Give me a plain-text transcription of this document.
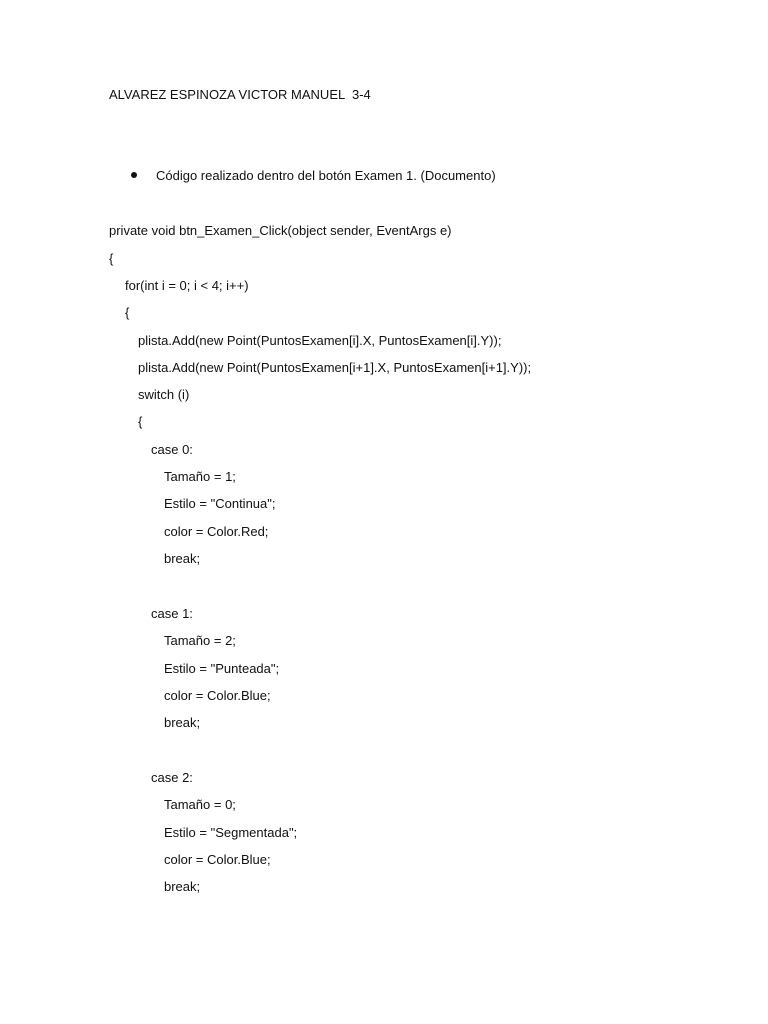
ALVAREZ ESPINOZA VICTOR MANUEL  3-4
Código realizado dentro del botón Examen 1. (Documento)
private void btn_Examen_Click(object sender, EventArgs e)
{
for(int i = 0; i < 4; i++)
{
plista.Add(new Point(PuntosExamen[i].X, PuntosExamen[i].Y));
plista.Add(new Point(PuntosExamen[i+1].X, PuntosExamen[i+1].Y));
switch (i)
{
case 0:
Tamaño = 1;
Estilo = "Continua";
color = Color.Red;
break;
case 1:
Tamaño = 2;
Estilo = "Punteada";
color = Color.Blue;
break;
case 2:
Tamaño = 0;
Estilo = "Segmentada";
color = Color.Blue;
break;
